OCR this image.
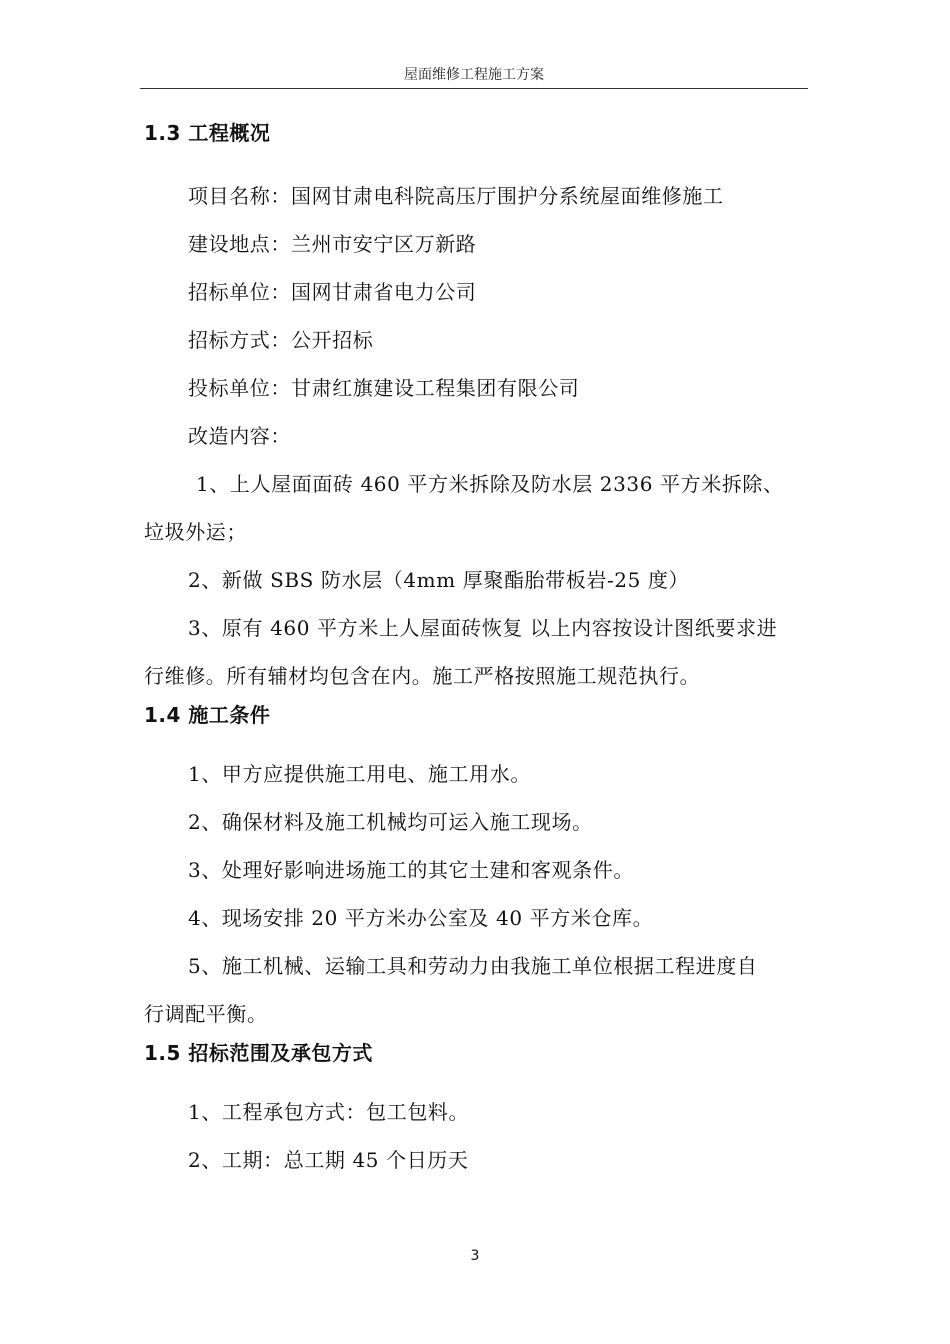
屋面维修工程施工方案
1.3 工程概况

项目名称：国网甘肃电科院高压厅围护分系统屋面维修施工

建设地点：兰州市安宁区万新路

招标单位：国网甘肃省电力公司

招标方式：公开招标

投标单位：甘肃红旗建设工程集团有限公司

改造内容：

1、上人屋面面砖 460 平方米拆除及防水层 2336 平方米拆除、

垃圾外运；

2、新做 SBS 防水层（4mm 厚聚酯胎带板岩-25 度）

3、原有 460 平方米上人屋面砖恢复 以上内容按设计图纸要求进

行维修。所有辅材均包含在内。施工严格按照施工规范执行。

1.4 施工条件

1、甲方应提供施工用电、施工用水。

2、确保材料及施工机械均可运入施工现场。

3、处理好影响进场施工的其它土建和客观条件。

4、现场安排 20 平方米办公室及 40 平方米仓库。

5、施工机械、运输工具和劳动力由我施工单位根据工程进度自

行调配平衡。

1.5 招标范围及承包方式

1、工程承包方式：包工包料。

2、工期：总工期 45 个日历天

3
